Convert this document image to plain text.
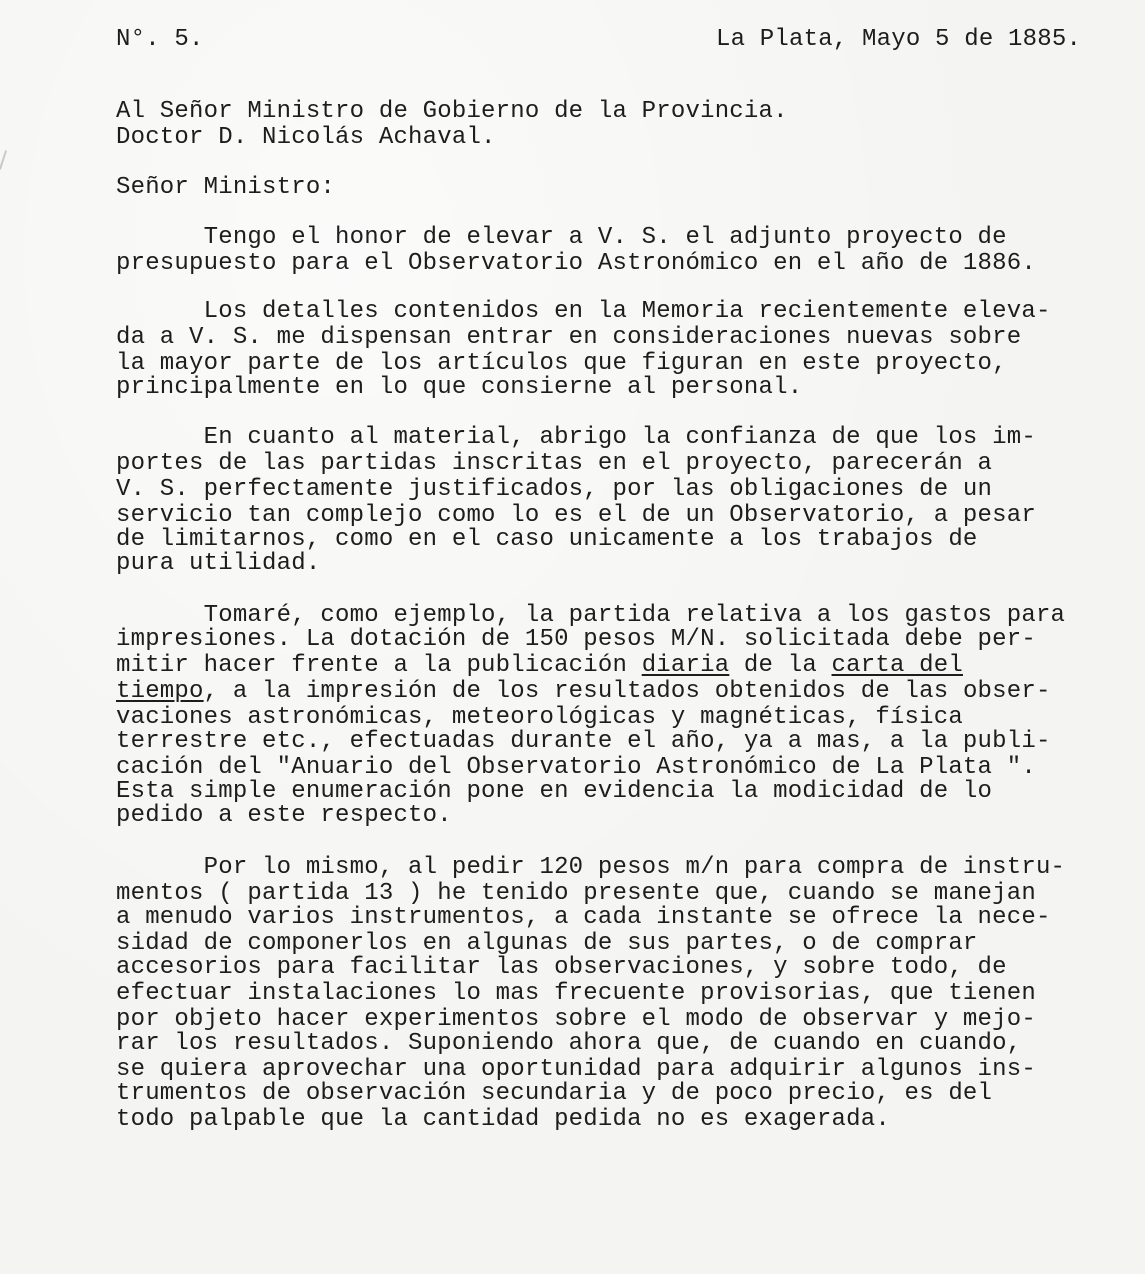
N°. 5.	La Plata, Mayo 5 de 1885.
Al Señor Ministro de Gobierno de la Provincia.
Doctor D. Nicolás Achaval.
Señor Ministro:
Tengo el honor de elevar a V. S. el adjunto proyecto de
presupuesto para el Observatorio Astronómico en el año de 1886.
Los detalles contenidos en la Memoria recientemente eleva-
da a V. S. me dispensan entrar en consideraciones nuevas sobre
la mayor parte de los artículos que figuran en este proyecto,
principalmente en lo que consierne al personal.
En cuanto al material, abrigo la confianza de que los im-
portes de las partidas inscritas en el proyecto, parecerán a
V. S. perfectamente justificados, por las obligaciones de un
servicio tan complejo como lo es el de un Observatorio, a pesar
de limitarnos, como en el caso unicamente a los trabajos de
pura utilidad.
Tomaré, como ejemplo, la partida relativa a los gastos para
impresiones. La dotación de 150 pesos M/N. solicitada debe per-
mitir hacer frente a la publicación diaria de la carta del
tiempo, a la impresión de los resultados obtenidos de las obser-
vaciones astronómicas, meteorológicas y magnéticas, física
terrestre etc., efectuadas durante el año, ya a mas, a la publi-
cación del "Anuario del Observatorio Astronómico de La Plata ".
Esta simple enumeración pone en evidencia la modicidad de lo
pedido a este respecto.
Por lo mismo, al pedir 120 pesos m/n para compra de instru-
mentos ( partida 13 ) he tenido presente que, cuando se manejan
a menudo varios instrumentos, a cada instante se ofrece la nece-
sidad de componerlos en algunas de sus partes, o de comprar
accesorios para facilitar las observaciones, y sobre todo, de
efectuar instalaciones lo mas frecuente provisorias, que tienen
por objeto hacer experimentos sobre el modo de observar y mejo-
rar los resultados. Suponiendo ahora que, de cuando en cuando,
se quiera aprovechar una oportunidad para adquirir algunos ins-
trumentos de observación secundaria y de poco precio, es del
todo palpable que la cantidad pedida no es exagerada.
